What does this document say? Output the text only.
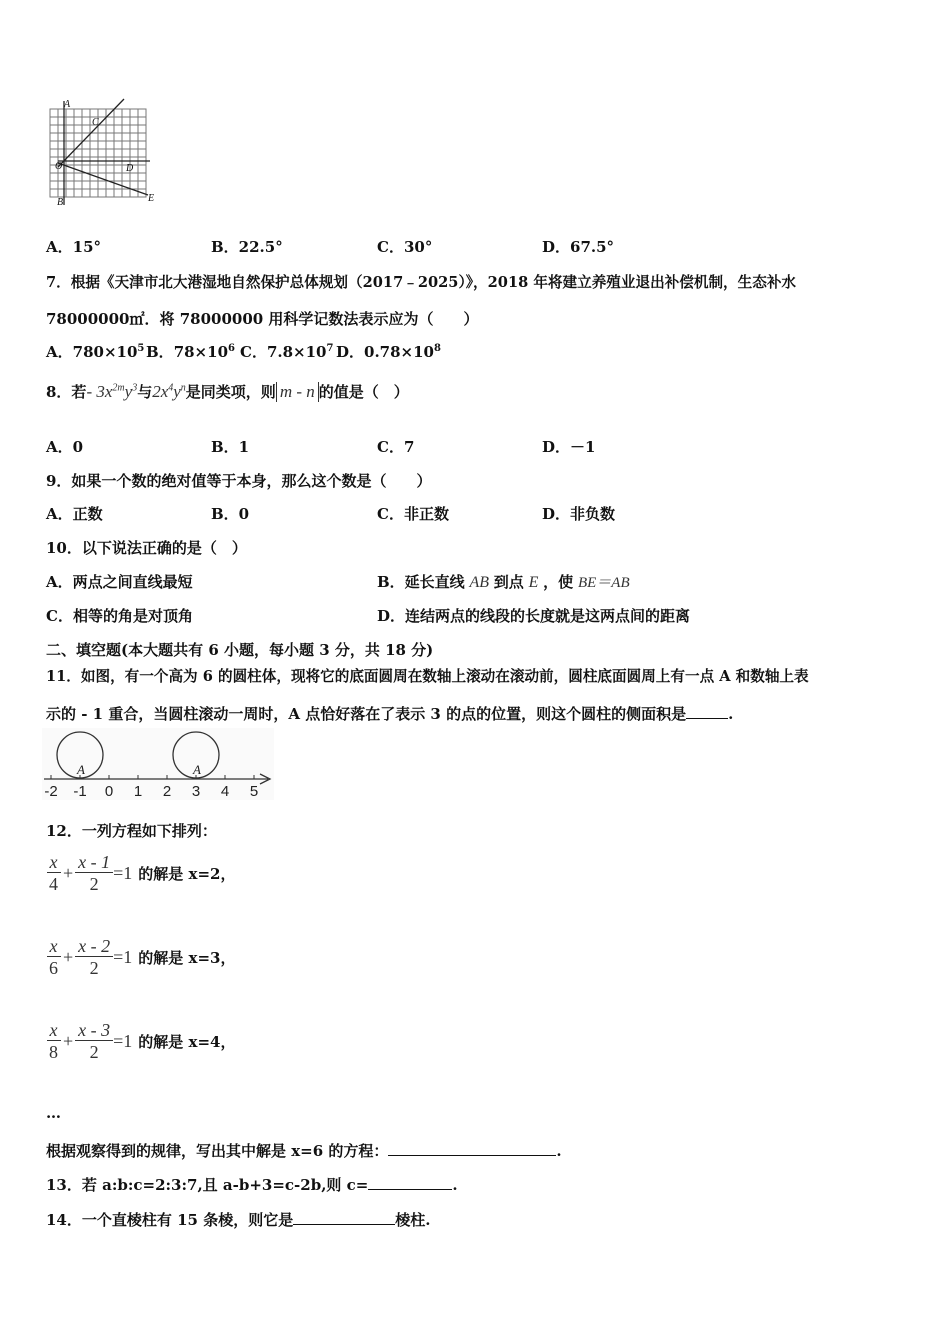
A
C
O	D
B	E
A．15°	B．22.5°	C．30°	D．67.5°
7．根据《天津市北大港湿地自然保护总体规划（2017﹣2025）》，2018 年将建立养殖业退出补偿机制，生态补水
78000000㎡．将 78000000 用科学记数法表示应为（　　）
A．$780\times 10^5$ B．$78\times 10^6$ C．$7.8\times 10^7$ D．$0.78\times 10^8$
8．若 - $3x^{2m}y^3$ 与 $2x^4y^n$ 是同类项，则 m - n 的值是（　）
A．0	B．1	C．7	D．－1
9．如果一个数的绝对值等于本身，那么这个数是（　　）
A．正数	B．0	C．非正数	D．非负数
10．以下说法正确的是（　）
A．两点之间直线最短	B．延长直线 AB 到点 E ，使 BE＝AB
C．相等的角是对顶角	D．连结两点的线段的长度就是这两点间的距离
二、填空题(本大题共有 6 小题，每小题 3 分，共 18 分)
11．如图，有一个高为 6 的圆柱体，现将它的底面圆周在数轴上滚动在滚动前，圆柱底面圆周上有一点 A 和数轴上表
示的 - 1 重合，当圆柱滚动一周时，A 点恰好落在了表示 3 的点的位置，则这个圆柱的侧面积是	.
-2 -1 0 1 2 3 4 5
A	A
12．一列方程如下排列：
$\frac{x}{4} + \frac{x - 1}{2} =1$ 的解是 x=2，
$\frac{x}{6} + \frac{x - 2}{2} =1$ 的解是 x=3，
$\frac{x}{8} + \frac{x - 3}{2} =1$ 的解是 x=4，
…
根据观察得到的规律，写出其中解是 x=6 的方程：	.
13．若 a:b:c=2:3:7,且 a-b+3=c-2b,则 c=	.
14．一个直棱柱有 15 条棱，则它是	棱柱.
